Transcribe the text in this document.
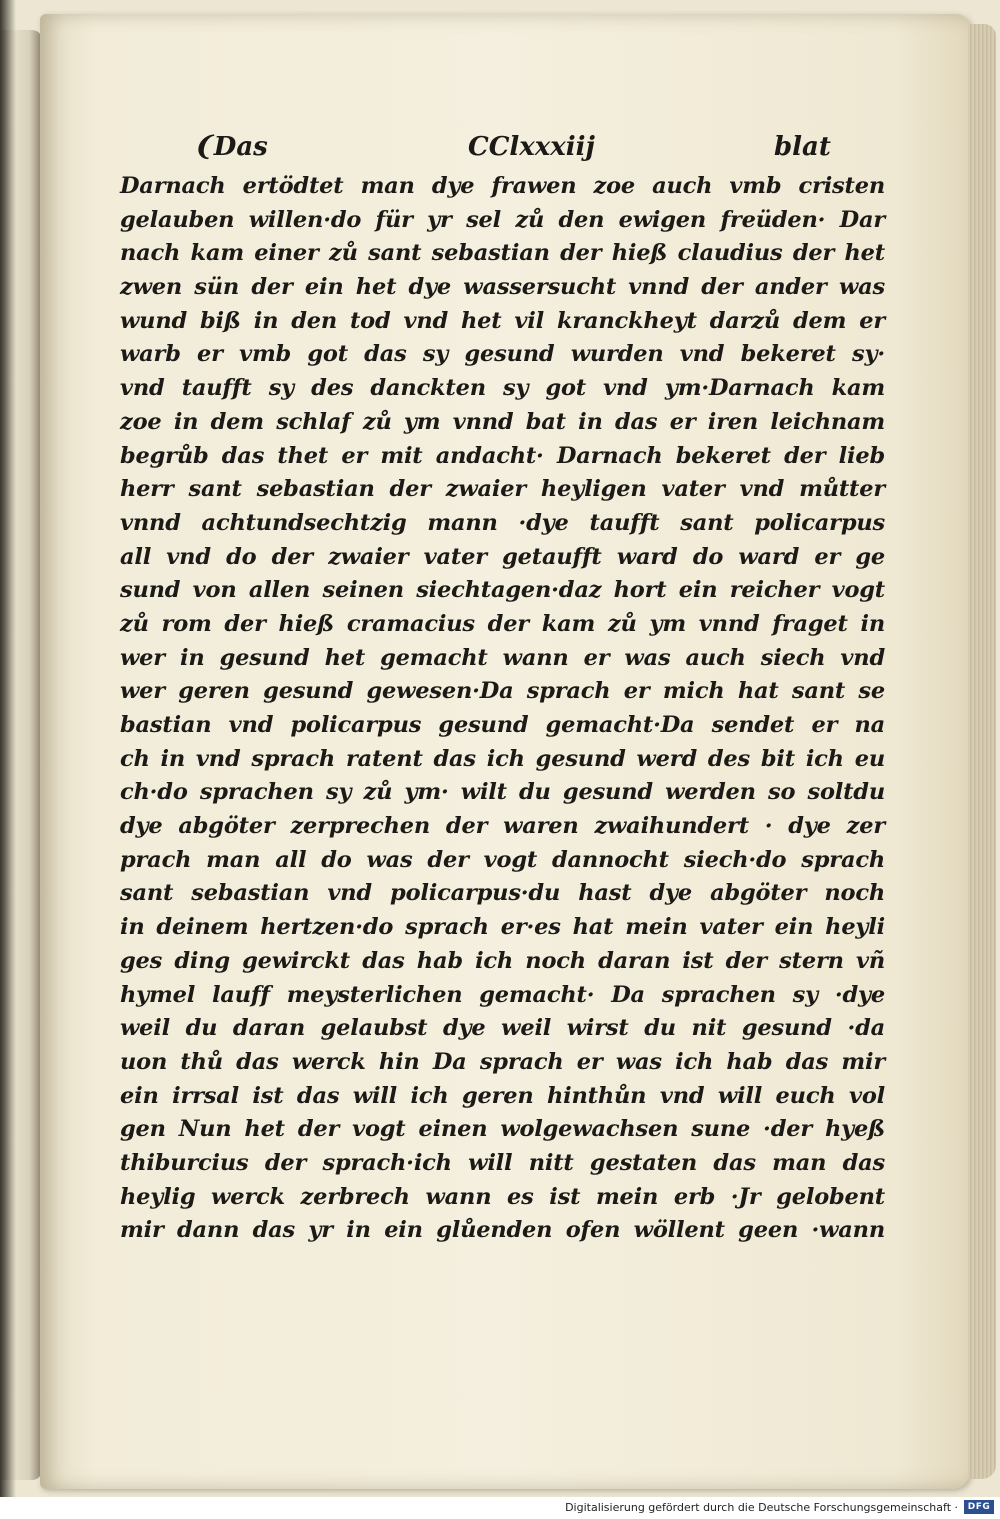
❨Das	CClxxxiij	blat
Darnach ertödtet man dye frawen zoe auch vmb cristen
gelauben willen·do für yr sel zů den ewigen freüden· Dar
nach kam einer zů sant sebastian der hieß claudius der het
zwen sün der ein het dye wassersucht vnnd der ander was
wund biß in den tod vnd het vil kranckheyt darzů dem er
warb er vmb got das sy gesund wurden vnd bekeret sy·
vnd taufft sy des danckten sy got vnd ym·Darnach kam
zoe in dem schlaf zů ym vnnd bat in das er iren leichnam
begrůb das thet er mit andacht· Darnach bekeret der lieb
herr sant sebastian der zwaier heyligen vater vnd můtter
vnnd achtundsechtzig mann ·dye taufft sant policarpus
all vnd do der zwaier vater getaufft ward do ward er ge
sund von allen seinen siechtagen·daz hort ein reicher vogt
zů rom der hieß cramacius der kam zů ym vnnd fraget in
wer in gesund het gemacht wann er was auch siech vnd
wer geren gesund gewesen·Da sprach er mich hat sant se
bastian vnd policarpus gesund gemacht·Da sendet er na
ch in vnd sprach ratent das ich gesund werd des bit ich eu
ch·do sprachen sy zů ym· wilt du gesund werden so soltdu
dye abgöter zerprechen der waren zwaihundert · dye zer
prach man all do was der vogt dannocht siech·do sprach
sant sebastian vnd policarpus·du hast dye abgöter noch
in deinem hertzen·do sprach er·es hat mein vater ein heyli
ges ding gewirckt das hab ich noch daran ist der stern vñ
hymel lauff meysterlichen gemacht· Da sprachen sy ·dye
weil du daran gelaubst dye weil wirst du nit gesund ·da
uon thů das werck hin Da sprach er was ich hab das mir
ein irrsal ist das will ich geren hinthůn vnd will euch vol
gen Nun het der vogt einen wolgewachsen sune ·der hyeß
thiburcius der sprach·ich will nitt gestaten das man das
heylig werck zerbrech wann es ist mein erb ·Jr gelobent
mir dann das yr in ein glůenden ofen wöllent geen ·wann
Digitalisierung gefördert durch die Deutsche Forschungsgemeinschaft ·	DFG
